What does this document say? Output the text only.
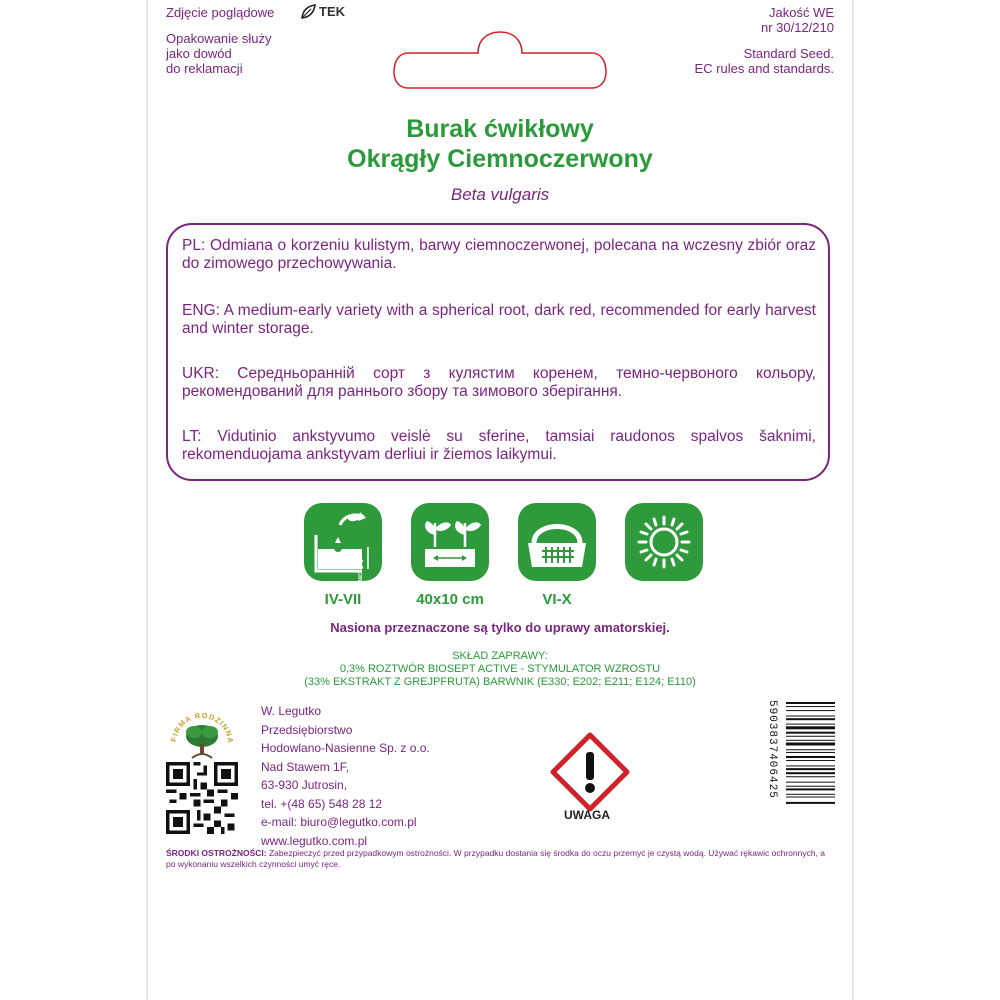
Zdjęcie poglądowe
Opakowanie służy
jako dowód
do reklamacji
TEK	Jakość WE
nr 30/12/210
Standard Seed.
EC rules and standards.
Burak ćwikłowy
Okrągły Ciemnoczerwony
Beta vulgaris
PL: Odmiana o korzeniu kulistym, barwy ciemnoczerwonej, polecana na wczesny zbiór oraz do zimowego przechowywania.
ENG: A medium-early variety with a spherical root, dark red, recommended for early harvest and winter storage.
UKR: Середньоранній сорт з кулястим коренем, темно-червоного кольору, рекомендований для раннього збору та зимового зберігання.
LT: Vidutinio ankstyvumo veislė su sferine, tamsiai raudonos spalvos šaknimi, rekomenduojama ankstyvam derliui ir žiemos laikymui.
2-3 cm
IV-VII	40x10 cm	VI-X
Nasiona przeznaczone są tylko do uprawy amatorskiej.
SKŁAD ZAPRAWY:
0,3% ROZTWÓR BIOSEPT ACTIVE - STYMULATOR WZROSTU
(33% EKSTRAKT Z GREJPFRUTA) BARWNIK (E330; E202; E211; E124; E110)
FIRMA RODZINNA
W. Legutko
Przedsiębiorstwo
Hodowlano-Nasienne Sp. z o.o.
Nad Stawem 1F,
63-930 Jutrosin,
tel. +(48 65) 548 28 12
e-mail: biuro@legutko.com.pl
www.legutko.com.pl
UWAGA
5903837406425
ŚRODKI OSTROŻNOŚCI: Zabezpieczyć przed przypadkowym ostrożności. W przypadku dostania się środka do oczu przemyć je czystą wodą. Używać rękawic ochronnych, a po wykonaniu wszelkich czynności umyć ręce.
